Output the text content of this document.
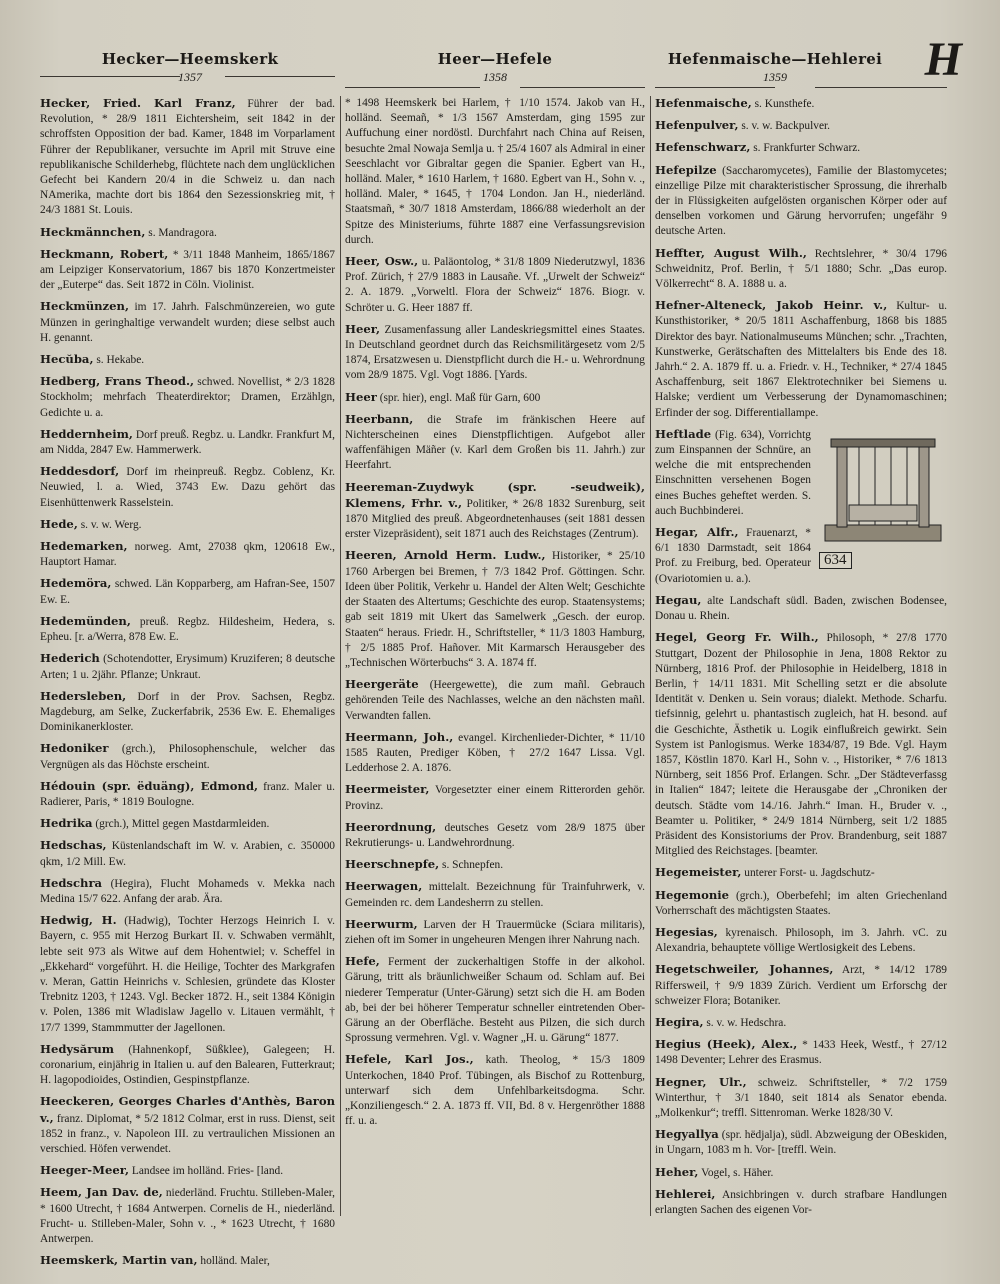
Hecker—Heemskerk
1357
Heer—Hefele
1358
Hefenmaische—Hehlerei
1359	H

Hecker, Fried. Karl Franz, Führer der bad. Revolution, * 28/9 1811 Eichtersheim, seit 1842 in der schroffsten Opposition der bad. Kamer, 1848 im Vorparlament Führer der Republikaner, versuchte im April mit Struve eine republikanische Schilderhebg, flüchtete nach dem unglücklichen Gefecht bei Kandern 20/4 in die Schweiz u. dan nach NAmerika, machte dort bis 1864 den Sezessionskrieg mit, † 24/3 1881 St. Louis.

Heckmännchen, s. Mandragora.

Heckmann, Robert, * 3/11 1848 Manheim, 1865/1867 am Leipziger Konservatorium, 1867 bis 1870 Konzertmeister der „Euterpe“ das. Seit 1872 in Cöln. Violinist.

Heckmünzen, im 17. Jahrh. Falschmünzereien, wo gute Münzen in geringhaltige verwandelt wurden; diese selbst auch H. genannt.

Hecŭba, s. Hekabe.

Hedberg, Frans Theod., schwed. Novellist, * 2/3 1828 Stockholm; mehrfach Theaterdirektor; Dramen, Erzählgn, Gedichte u. a.

Heddernheim, Dorf preuß. Regbz. u. Landkr. Frankfurt M, am Nidda, 2847 Ew. Hammerwerk.

Heddesdorf, Dorf im rheinpreuß. Regbz. Coblenz, Kr. Neuwied, l. a. Wied, 3743 Ew. Dazu gehört das Eisenhüttenwerk Rasselstein.

Hede, s. v. w. Werg.

Hedemarken, norweg. Amt, 27038 qkm, 120618 Ew., Hauptort Hamar.

Hedemöra, schwed. Län Kopparberg, am Hafran-See, 1507 Ew. E.

Hedemünden, preuß. Regbz. Hildesheim, Hedera, s. Epheu. [r. a/Werra, 878 Ew. E.

Hederich (Schotendotter, Erysimum) Kruziferen; 8 deutsche Arten; 1 u. 2jähr. Pflanze; Unkraut.

Hedersleben, Dorf in der Prov. Sachsen, Regbz. Magdeburg, am Selke, Zuckerfabrik, 2536 Ew. E. Ehemaliges Dominikanerkloster.

Hedoniker (grch.), Philosophenschule, welcher das Vergnügen als das Höchste erscheint.

Hédouin (spr. ëduäng), Edmond, franz. Maler u. Radierer, Paris, * 1819 Boulogne.

Hedrika (grch.), Mittel gegen Mastdarmleiden.

Hedschas, Küstenlandschaft im W. v. Arabien, c. 350000 qkm, 1/2 Mill. Ew.

Hedschra (Hegira), Flucht Mohameds v. Mekka nach Medina 15/7 622. Anfang der arab. Ära.

Hedwig, H. (Hadwig), Tochter Herzogs Heinrich I. v. Bayern, c. 955 mit Herzog Burkart II. v. Schwaben vermählt, lebte seit 973 als Witwe auf dem Hohentwiel; v. Scheffel in „Ekkehard“ vorgeführt. H. die Heilige, Tochter des Markgrafen v. Meran, Gattin Heinrichs v. Schlesien, gründete das Kloster Trebnitz 1203, † 1243. Vgl. Becker 1872. H., seit 1384 Königin v. Polen, 1386 mit Wladislaw Jagello v. Litauen vermählt, † 17/7 1399, Stammmutter der Jagellonen.

Hedysărum (Hahnenkopf, Süßklee), Galegeen; H. coronarium, einjährig in Italien u. auf den Balearen, Futterkraut; H. lagopodioides, Ostindien, Gespinstpflanze.

Heeckeren, Georges Charles d'Anthès, Baron v., franz. Diplomat, * 5/2 1812 Colmar, erst in russ. Dienst, seit 1852 in franz., v. Napoleon III. zu vertraulichen Missionen an verschied. Höfen verwendet.

Heeger-Meer, Landsee im holländ. Fries- [land.

Heem, Jan Dav. de, niederländ. Fruchtu. Stilleben-Maler, * 1600 Utrecht, † 1684 Antwerpen. Cornelis de H., niederländ. Frucht- u. Stilleben-Maler, Sohn v. ., * 1623 Utrecht, † 1680 Antwerpen.

Heemskerk, Martin van, holländ. Maler,

* 1498 Heemskerk bei Harlem, † 1/10 1574. Jakob van H., holländ. Seemañ, * 1/3 1567 Amsterdam, ging 1595 zur Auffuchung einer nordöstl. Durchfahrt nach China auf Reisen, besuchte 2mal Nowaja Semlja u. † 25/4 1607 als Admiral in einer Seeschlacht vor Gibraltar gegen die Spanier. Egbert van H., holländ. Maler, * 1610 Harlem, † 1680. Egbert van H., Sohn v. ., holländ. Maler, * 1645, † 1704 London. Jan H., niederländ. Staatsmañ, * 30/7 1818 Amsterdam, 1866/88 wiederholt an der Spitze des Ministeriums, führte 1887 eine Verfassungsrevision durch.

Heer, Osw., u. Paläontolog, * 31/8 1809 Niederutzwyl, 1836 Prof. Zürich, † 27/9 1883 in Lausañe. Vf. „Urwelt der Schweiz“ 2. A. 1879. „Vorweltl. Flora der Schweiz“ 1876. Biogr. v. Schröter u. G. Heer 1887 ff.

Heer, Zusamenfassung aller Landeskriegsmittel eines Staates. In Deutschland geordnet durch das Reichsmilitärgesetz vom 2/5 1874, Ersatzwesen u. Dienstpflicht durch die H.- u. Wehrordnung vom 28/9 1875. Vgl. Vogt 1886. [Yards.

Heer (spr. hier), engl. Maß für Garn, 600

Heerbann, die Strafe im fränkischen Heere auf Nichterscheinen eines Dienstpflichtigen. Aufgebot aller waffenfähigen Mäñer (v. Karl dem Großen bis 11. Jahrh.) zur Heerfahrt.

Heereman-Zuydwyk (spr. -seudweik), Klemens, Frhr. v., Politiker, * 26/8 1832 Surenburg, seit 1870 Mitglied des preuß. Abgeordnetenhauses (seit 1881 dessen erster Vizepräsident), seit 1871 auch des Reichstages (Zentrum).

Heeren, Arnold Herm. Ludw., Historiker, * 25/10 1760 Arbergen bei Bremen, † 7/3 1842 Prof. Göttingen. Schr. Ideen über Politik, Verkehr u. Handel der Alten Welt; Geschichte der Staaten des Altertums; Geschichte des europ. Staatensystems; gab seit 1819 mit Ukert das Samelwerk „Gesch. der europ. Staaten“ heraus. Friedr. H., Schriftsteller, * 11/3 1803 Hamburg, † 2/5 1885 Prof. Hañover. Mit Karmarsch Herausgeber des „Technischen Wörterbuchs“ 3. A. 1874 ff.

Heergeräte (Heergewette), die zum mañl. Gebrauch gehörenden Teile des Nachlasses, welche an den nächsten mañl. Verwandten fallen.

Heermann, Joh., evangel. Kirchenlieder-Dichter, * 11/10 1585 Rauten, Prediger Köben, † 27/2 1647 Lissa. Vgl. Ledderhose 2. A. 1876.

Heermeister, Vorgesetzter einer einem Ritterorden gehör. Provinz.

Heerordnung, deutsches Gesetz vom 28/9 1875 über Rekrutierungs- u. Landwehrordnung.

Heerschnepfe, s. Schnepfen.

Heerwagen, mittelalt. Bezeichnung für Trainfuhrwerk, v. Gemeinden rc. dem Landesherrn zu stellen.

Heerwurm, Larven der H Trauermücke (Sciara militaris), ziehen oft im Somer in ungeheuren Mengen ihrer Nahrung nach.

Hefe, Ferment der zuckerhaltigen Stoffe in der alkohol. Gärung, tritt als bräunlichweißer Schaum od. Schlam auf. Bei niederer Temperatur (Unter-Gärung) setzt sich die H. am Boden ab, bei der bei höherer Temperatur schneller eintretenden Ober-Gärung an der Oberfläche. Besteht aus Pilzen, die sich durch Sprossung vermehren. Vgl. v. Wagner „H. u. Gärung“ 1877.

Hefele, Karl Jos., kath. Theolog, * 15/3 1809 Unterkochen, 1840 Prof. Tübingen, als Bischof zu Rottenburg, unterwarf sich dem Unfehlbarkeitsdogma. Schr. „Konziliengesch.“ 2. A. 1873 ff. VII, Bd. 8 v. Hergenröther 1888 ff. u. a.

Hefenmaische, s. Kunsthefe.

Hefenpulver, s. v. w. Backpulver.

Hefenschwarz, s. Frankfurter Schwarz.

Hefepilze (Saccharomycetes), Familie der Blastomycetes; einzellige Pilze mit charakteristischer Sprossung, die ihrerhalb der in Flüssigkeiten aufgelösten organischen Körper oder auf denselben vorkomen und Gärung hervorrufen; ungefähr 9 deutsche Arten.

Heffter, August Wilh., Rechtslehrer, * 30/4 1796 Schweidnitz, Prof. Berlin, † 5/1 1880; Schr. „Das europ. Völkerrecht“ 8. A. 1888 u. a.

Hefner-Alteneck, Jakob Heinr. v., Kultur- u. Kunsthistoriker, * 20/5 1811 Aschaffenburg, 1868 bis 1885 Direktor des bayr. Nationalmuseums München; schr. „Trachten, Kunstwerke, Gerätschaften des Mittelalters bis Ende des 18. Jahrh.“ 2. A. 1879 ff. u. a. Friedr. v. H., Techniker, * 27/4 1845 Aschaffenburg, seit 1867 Elektrotechniker bei Siemens u. Halske; verdient um Verbesserung der Dynamomaschinen; Erfinder der sog. Differentiallampe.

634
Heftlade (Fig. 634), Vorrichtg zum Einspannen der Schnüre, an welche die mit entsprechenden Einschnitten versehenen Bogen eines Buches geheftet werden. S. auch Buchbinderei.

Hegar, Alfr., Frauenarzt, * 6/1 1830 Darmstadt, seit 1864 Prof. zu Freiburg, bed. Operateur (Ovariotomien u. a.).

Hegau, alte Landschaft südl. Baden, zwischen Bodensee, Donau u. Rhein.

Hegel, Georg Fr. Wilh., Philosoph, * 27/8 1770 Stuttgart, Dozent der Philosophie in Jena, 1808 Rektor zu Nürnberg, 1816 Prof. der Philosophie in Heidelberg, 1818 in Berlin, † 14/11 1831. Mit Schelling setzt er die absolute Identität v. Denken u. Sein voraus; dialekt. Methode. Scharfu. tiefsinnig, gelehrt u. phantastisch zugleich, hat H. besond. auf die Geschichte, Ästhetik u. Logik einflußreich gewirkt. Sein System ist Panlogismus. Werke 1834/87, 19 Bde. Vgl. Haym 1857, Köstlin 1870. Karl H., Sohn v. ., Historiker, * 7/6 1813 Nürnberg, seit 1856 Prof. Erlangen. Schr. „Der Städteverfassg in Italien“ 1847; leitete die Herausgabe der „Chroniken der deutsch. Städte vom 14./16. Jahrh.“ Iman. H., Bruder v. ., Beamter u. Politiker, * 24/9 1814 Nürnberg, seit 1/2 1885 Präsident des Konsistoriums der Prov. Brandenburg, seit 1887 Mitglied des Reichstages. [beamter.

Hegemeister, unterer Forst- u. Jagdschutz-

Hegemonie (grch.), Oberbefehl; im alten Griechenland Vorherrschaft des mächtigsten Staates.

Hegesias, kyrenaisch. Philosoph, im 3. Jahrh. vC. zu Alexandria, behauptete völlige Wertlosigkeit des Lebens.

Hegetschweiler, Johannes, Arzt, * 14/12 1789 Riffersweil, † 9/9 1839 Zürich. Verdient um Erforschg der schweizer Flora; Botaniker.

Hegira, s. v. w. Hedschra.

Hegius (Heek), Alex., * 1433 Heek, Westf., † 27/12 1498 Deventer; Lehrer des Erasmus.

Hegner, Ulr., schweiz. Schriftsteller, * 7/2 1759 Winterthur, † 3/1 1840, seit 1814 als Senator ebenda. „Molkenkur“; treffl. Sittenroman. Werke 1828/30 V.

Hegyallya (spr. hëdjalja), südl. Abzweigung der OBeskiden, in Ungarn, 1083 m h. Vor- [treffl. Wein.

Heher, Vogel, s. Häher.

Hehlerei, Ansichbringen v. durch strafbare Handlungen erlangten Sachen des eigenen Vor-
